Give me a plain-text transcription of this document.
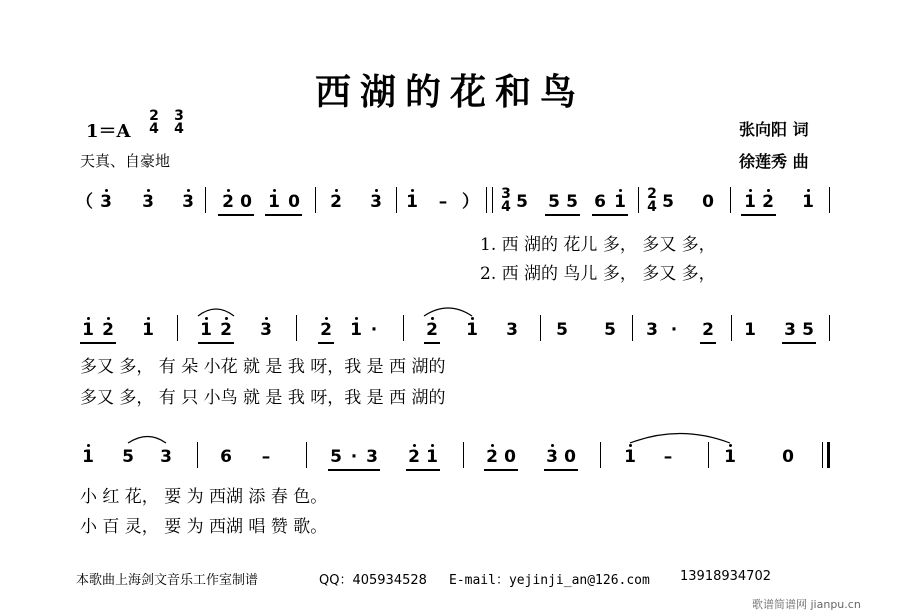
西湖的花和鸟
1＝A
2
4
3
4
天真、自豪地
张向阳 词
徐莲秀 曲
（ 3 3 3 2 0 1 0 2 3 1 – ） 3
4 5 5 5 6 1 2
4 5 0 1 2 1
1 2 1	1 2 3	2 1 ·	2 1 3 5 5 3 · 2 1 3 5
1 5 3	6 –	5 · 3 2 1	2 0 3 0	1 –	1	0
1. 西 湖的 花儿 多， 多又 多，
2. 西 湖的 鸟儿 多， 多又 多，
多又 多， 有 朵 小花 就 是 我 呀，我 是 西 湖的
多又 多， 有 只 小鸟 就 是 我 呀，我 是 西 湖的
小 红 花， 要 为 西湖 添 春 色。
小 百 灵， 要 为 西湖 唱 赞 歌。
本歌曲上海剑文音乐工作室制谱	QQ：405934528 E-mail：yejinji_an@126.com 13918934702
歌谱简谱网 jianpu.cn
